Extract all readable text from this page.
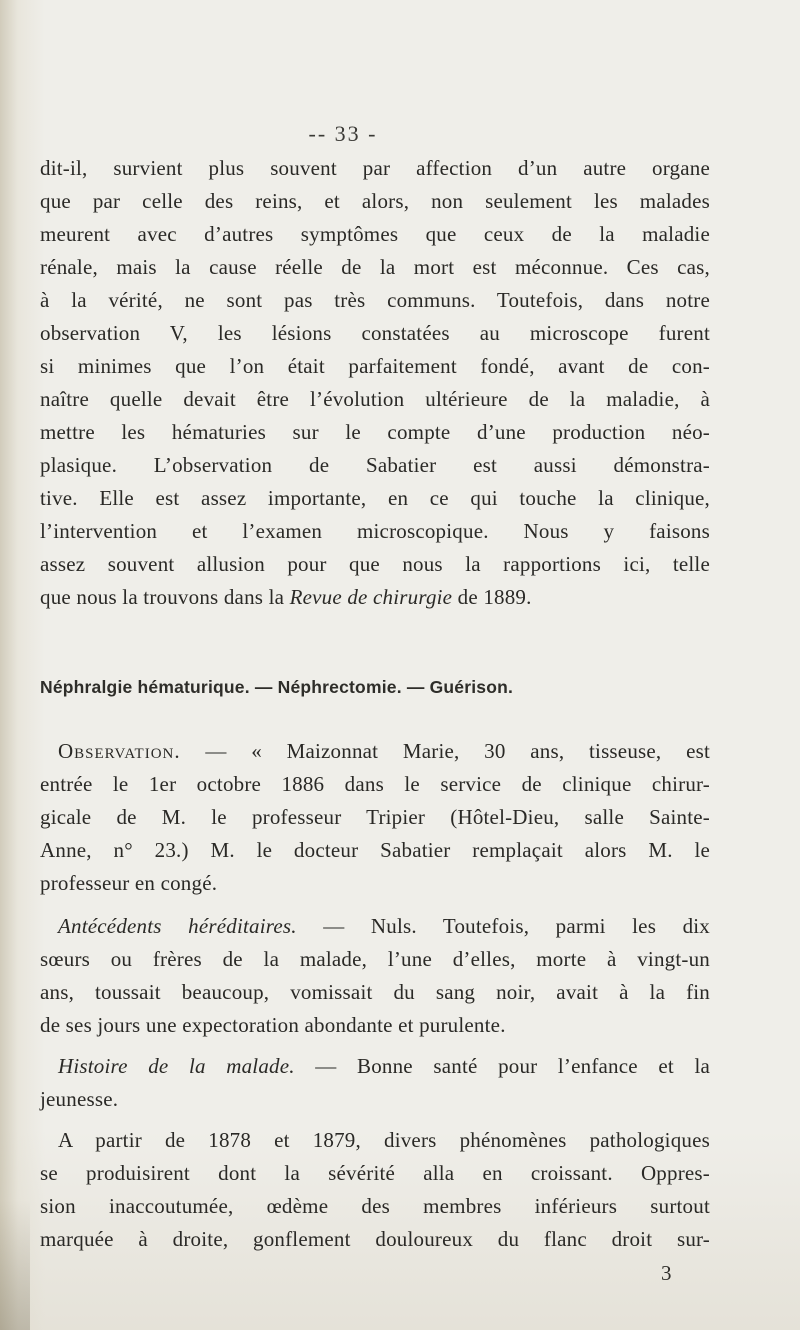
-- 33 -
dit-il, survient plus souvent par affection d’un autre organe
que par celle des reins, et alors, non seulement les malades
meurent avec d’autres symptômes que ceux de la maladie
rénale, mais la cause réelle de la mort est méconnue. Ces cas,
à la vérité, ne sont pas très communs. Toutefois, dans notre
observation V, les lésions constatées au microscope furent
si minimes que l’on était parfaitement fondé, avant de con-
naître quelle devait être l’évolution ultérieure de la maladie, à
mettre les hématuries sur le compte d’une production néo-
plasique. L’observation de Sabatier est aussi démonstra-
tive. Elle est assez importante, en ce qui touche la clinique,
l’intervention et l’examen microscopique. Nous y faisons
assez souvent allusion pour que nous la rapportions ici, telle
que nous la trouvons dans la Revue de chirurgie de 1889.
Néphralgie hématurique. — Néphrectomie. — Guérison.
Observation. — « Maizonnat Marie, 30 ans, tisseuse, est
entrée le 1er octobre 1886 dans le service de clinique chirur-
gicale de M. le professeur Tripier (Hôtel-Dieu, salle Sainte-
Anne, n° 23.) M. le docteur Sabatier remplaçait alors M. le
professeur en congé.
Antécédents héréditaires. — Nuls. Toutefois, parmi les dix
sœurs ou frères de la malade, l’une d’elles, morte à vingt-un
ans, toussait beaucoup, vomissait du sang noir, avait à la fin
de ses jours une expectoration abondante et purulente.
Histoire de la malade. — Bonne santé pour l’enfance et la
jeunesse.
A partir de 1878 et 1879, divers phénomènes pathologiques
se produisirent dont la sévérité alla en croissant. Oppres-
sion inaccoutumée, œdème des membres inférieurs surtout
marquée à droite, gonflement douloureux du flanc droit sur-
3
